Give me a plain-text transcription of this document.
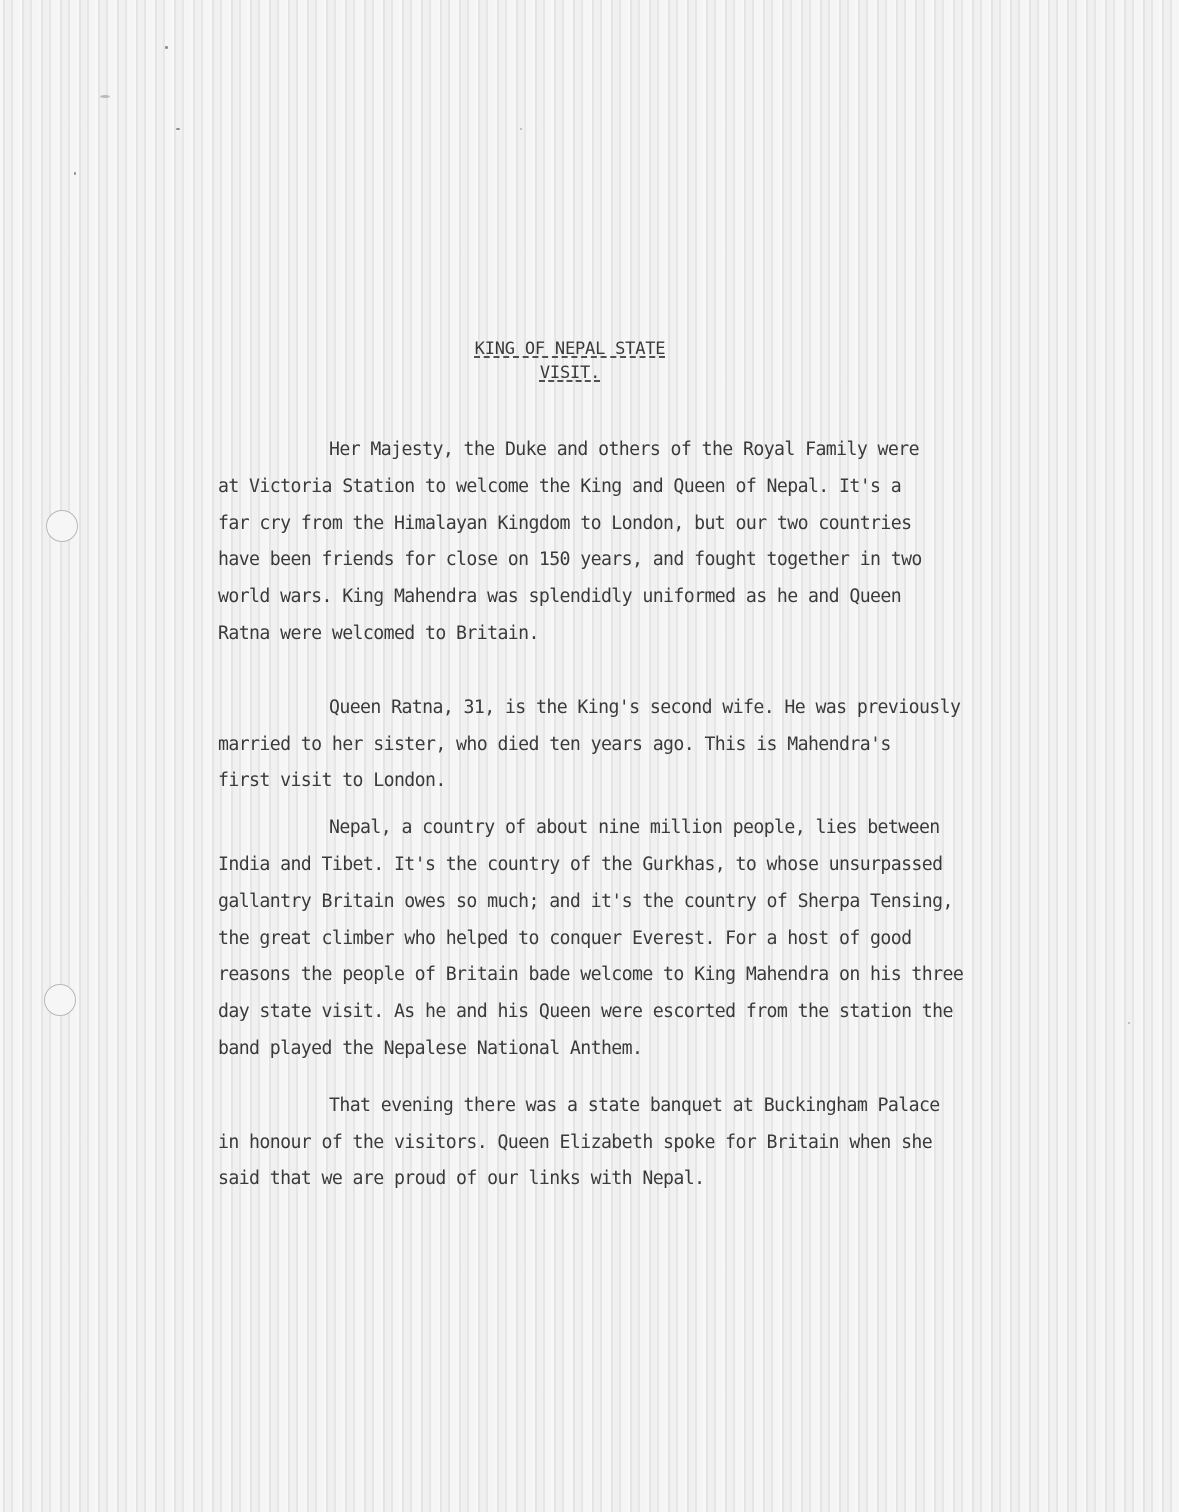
KING OF NEPAL STATE
VISIT.

Her Majesty, the Duke and others of the Royal Family were
at Victoria Station to welcome the King and Queen of Nepal. It's a
far cry from the Himalayan Kingdom to London, but our two countries
have been friends for close on 150 years, and fought together in two
world wars. King Mahendra was splendidly uniformed as he and Queen
Ratna were welcomed to Britain.

Queen Ratna, 31, is the King's second wife. He was previously
married to her sister, who died ten years ago. This is Mahendra's
first visit to London.

Nepal, a country of about nine million people, lies between
India and Tibet. It's the country of the Gurkhas, to whose unsurpassed
gallantry Britain owes so much; and it's the country of Sherpa Tensing,
the great climber who helped to conquer Everest. For a host of good
reasons the people of Britain bade welcome to King Mahendra on his three
day state visit. As he and his Queen were escorted from the station the
band played the Nepalese National Anthem.

That evening there was a state banquet at Buckingham Palace
in honour of the visitors. Queen Elizabeth spoke for Britain when she
said that we are proud of our links with Nepal.
